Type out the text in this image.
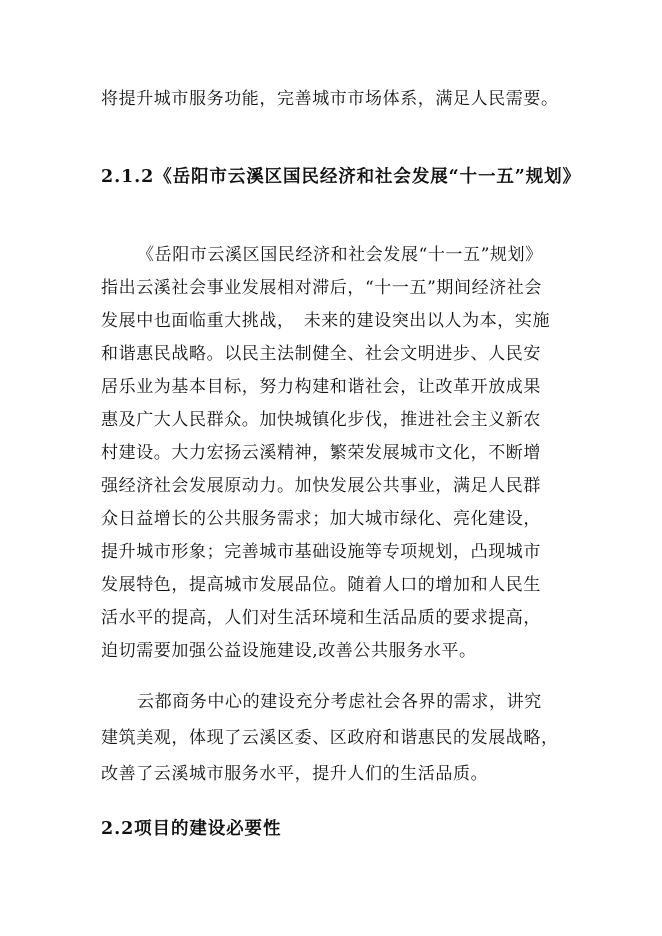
将提升城市服务功能，完善城市市场体系，满足人民需要。
2.1.2《岳阳市云溪区国民经济和社会发展“十一五”规划》
《岳阳市云溪区国民经济和社会发展“十一五”规划》
指出云溪社会事业发展相对滞后，“十一五”期间经济社会
发展中也面临重大挑战，　未来的建设突出以人为本，实施
和谐惠民战略。以民主法制健全、社会文明进步、人民安
居乐业为基本目标，努力构建和谐社会，让改革开放成果
惠及广大人民群众。加快城镇化步伐，推进社会主义新农
村建设。大力宏扬云溪精神，繁荣发展城市文化，不断增
强经济社会发展原动力。加快发展公共事业，满足人民群
众日益增长的公共服务需求；加大城市绿化、亮化建设，
提升城市形象；完善城市基础设施等专项规划，凸现城市
发展特色，提高城市发展品位。随着人口的增加和人民生
活水平的提高，人们对生活环境和生活品质的要求提高，
迫切需要加强公益设施建设,改善公共服务水平。
云都商务中心的建设充分考虑社会各界的需求，讲究
建筑美观，体现了云溪区委、区政府和谐惠民的发展战略，
改善了云溪城市服务水平，提升人们的生活品质。
2.2项目的建设必要性
